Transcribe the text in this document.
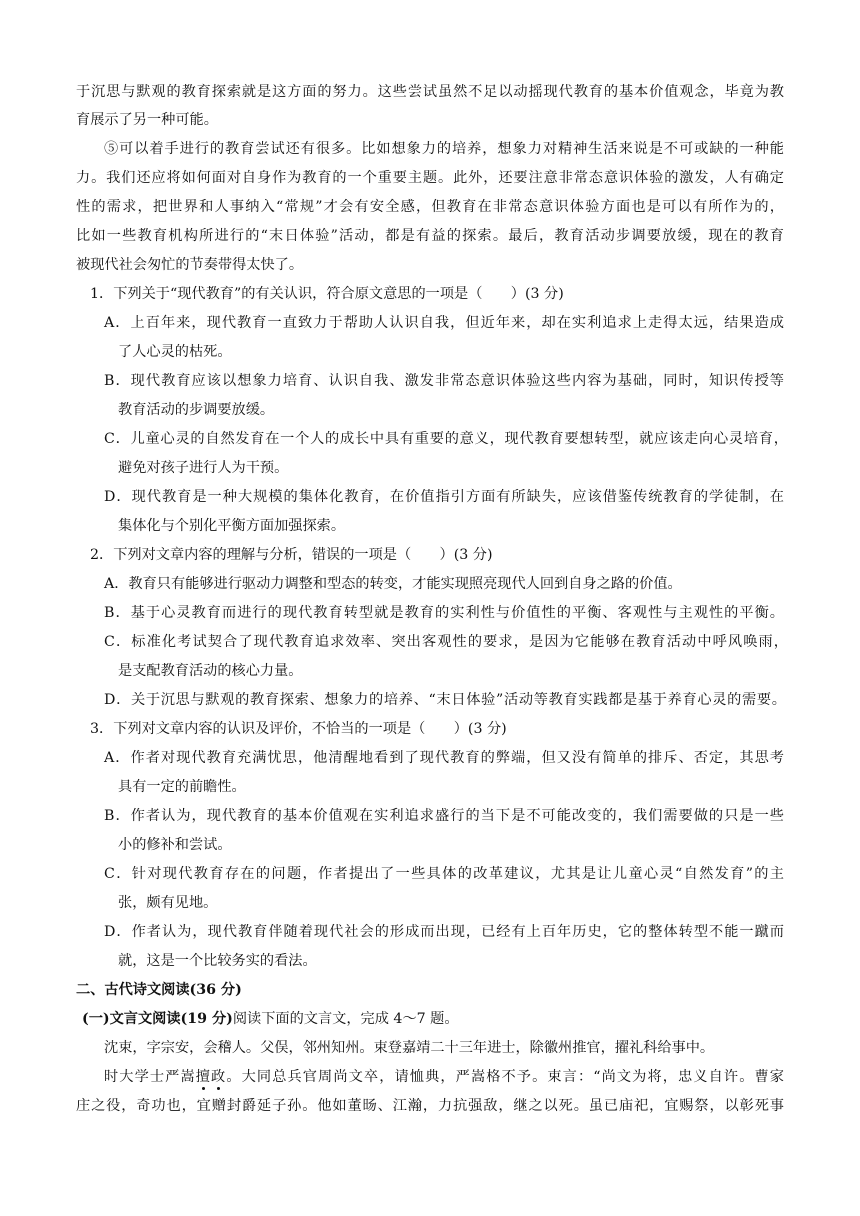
于沉思与默观的教育探索就是这方面的努力。这些尝试虽然不足以动摇现代教育的基本价值观念，毕竟为教
育展示了另一种可能。
⑤可以着手进行的教育尝试还有很多。比如想象力的培养，想象力对精神生活来说是不可或缺的一种能
力。我们还应将如何面对自身作为教育的一个重要主题。此外，还要注意非常态意识体验的激发，人有确定
性的需求，把世界和人事纳入“常规”才会有安全感，但教育在非常态意识体验方面也是可以有所作为的，
比如一些教育机构所进行的“末日体验”活动，都是有益的探索。最后，教育活动步调要放缓，现在的教育
被现代社会匆忙的节奏带得太快了。
1．下列关于“现代教育”的有关认识，符合原文意思的一项是（　　）(3 分)
A．上百年来，现代教育一直致力于帮助人认识自我，但近年来，却在实利追求上走得太远，结果造成
了人心灵的枯死。
B．现代教育应该以想象力培育、认识自我、激发非常态意识体验这些内容为基础，同时，知识传授等
教育活动的步调要放缓。
C．儿童心灵的自然发育在一个人的成长中具有重要的意义，现代教育要想转型，就应该走向心灵培育，
避免对孩子进行人为干预。
D．现代教育是一种大规模的集体化教育，在价值指引方面有所缺失，应该借鉴传统教育的学徒制，在
集体化与个别化平衡方面加强探索。
2．下列对文章内容的理解与分析，错误的一项是（　　）(3 分)
A．教育只有能够进行驱动力调整和型态的转变，才能实现照亮现代人回到自身之路的价值。
B．基于心灵教育而进行的现代教育转型就是教育的实利性与价值性的平衡、客观性与主观性的平衡。
C．标准化考试契合了现代教育追求效率、突出客观性的要求，是因为它能够在教育活动中呼风唤雨，
是支配教育活动的核心力量。
D．关于沉思与默观的教育探索、想象力的培养、“末日体验”活动等教育实践都是基于养育心灵的需要。
3．下列对文章内容的认识及评价，不恰当的一项是（　　）(3 分)
A．作者对现代教育充满忧思，他清醒地看到了现代教育的弊端，但又没有简单的排斥、否定，其思考
具有一定的前瞻性。
B．作者认为，现代教育的基本价值观在实利追求盛行的当下是不可能改变的，我们需要做的只是一些
小的修补和尝试。
C．针对现代教育存在的问题，作者提出了一些具体的改革建议，尤其是让儿童心灵“自然发育”的主
张，颇有见地。
D．作者认为，现代教育伴随着现代社会的形成而出现，已经有上百年历史，它的整体转型不能一蹴而
就，这是一个比较务实的看法。
二、古代诗文阅读(36 分)
(一)文言文阅读(19 分)阅读下面的文言文，完成 4～7 题。
沈束，字宗安，会稽人。父俣，邻州知州。束登嘉靖二十三年进士，除徽州推官，擢礼科给事中。
时大学士严嵩擅政。大同总兵官周尚文卒，请恤典，严嵩格不予。束言：“尚文为将，忠义自许。曹家
庄之役，奇功也，宜赠封爵延子孙。他如董旸、江瀚，力抗强敌，继之以死。虽已庙祀，宜赐祭，以彰死事
